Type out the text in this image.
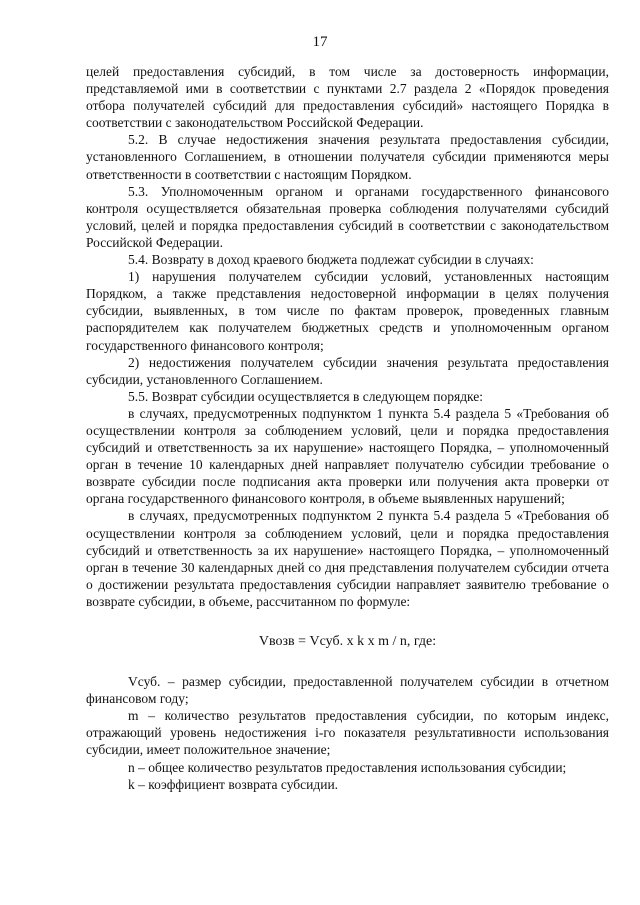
17

целей предоставления субсидий, в том числе за достоверность информации, представляемой ими в соответствии с пунктами 2.7 раздела 2 «Порядок проведения отбора получателей субсидий для предоставления субсидий» настоящего Порядка в соответствии с законодательством Российской Федерации.

5.2. В случае недостижения значения результата предоставления субсидии, установленного Соглашением, в отношении получателя субсидии применяются меры ответственности в соответствии с настоящим Порядком.

5.3. Уполномоченным органом и органами государственного финансового контроля осуществляется обязательная проверка соблюдения получателями субсидий условий, целей и порядка предоставления субсидий в соответствии с законодательством Российской Федерации.

5.4. Возврату в доход краевого бюджета подлежат субсидии в случаях:

1) нарушения получателем субсидии условий, установленных настоящим Порядком, а также представления недостоверной информации в целях получения субсидии, выявленных, в том числе по фактам проверок, проведенных главным распорядителем как получателем бюджетных средств и уполномоченным органом государственного финансового контроля;

2) недостижения получателем субсидии значения результата предоставления субсидии, установленного Соглашением.

5.5. Возврат субсидии осуществляется в следующем порядке:

в случаях, предусмотренных подпунктом 1 пункта 5.4 раздела 5 «Требования об осуществлении контроля за соблюдением условий, цели и порядка предоставления субсидий и ответственность за их нарушение» настоящего Порядка, – уполномоченный орган в течение 10 календарных дней направляет получателю субсидии требование о возврате субсидии после подписания акта проверки или получения акта проверки от органа государственного финансового контроля, в объеме выявленных нарушений;

в случаях, предусмотренных подпунктом 2 пункта 5.4 раздела 5 «Требования об осуществлении контроля за соблюдением условий, цели и порядка предоставления субсидий и ответственность за их нарушение» настоящего Порядка, – уполномоченный орган в течение 30 календарных дней со дня представления получателем субсидии отчета о достижении результата предоставления субсидии направляет заявителю требование о возврате субсидии, в объеме, рассчитанном по формуле:

Vвозв = Vсуб. x k x m / n, где:

Vсуб. – размер субсидии, предоставленной получателем субсидии в отчетном финансовом году;

m – количество результатов предоставления субсидии, по которым индекс, отражающий уровень недостижения i-го показателя результативности использования субсидии, имеет положительное значение;

n – общее количество результатов предоставления использования субсидии;

k – коэффициент возврата субсидии.
